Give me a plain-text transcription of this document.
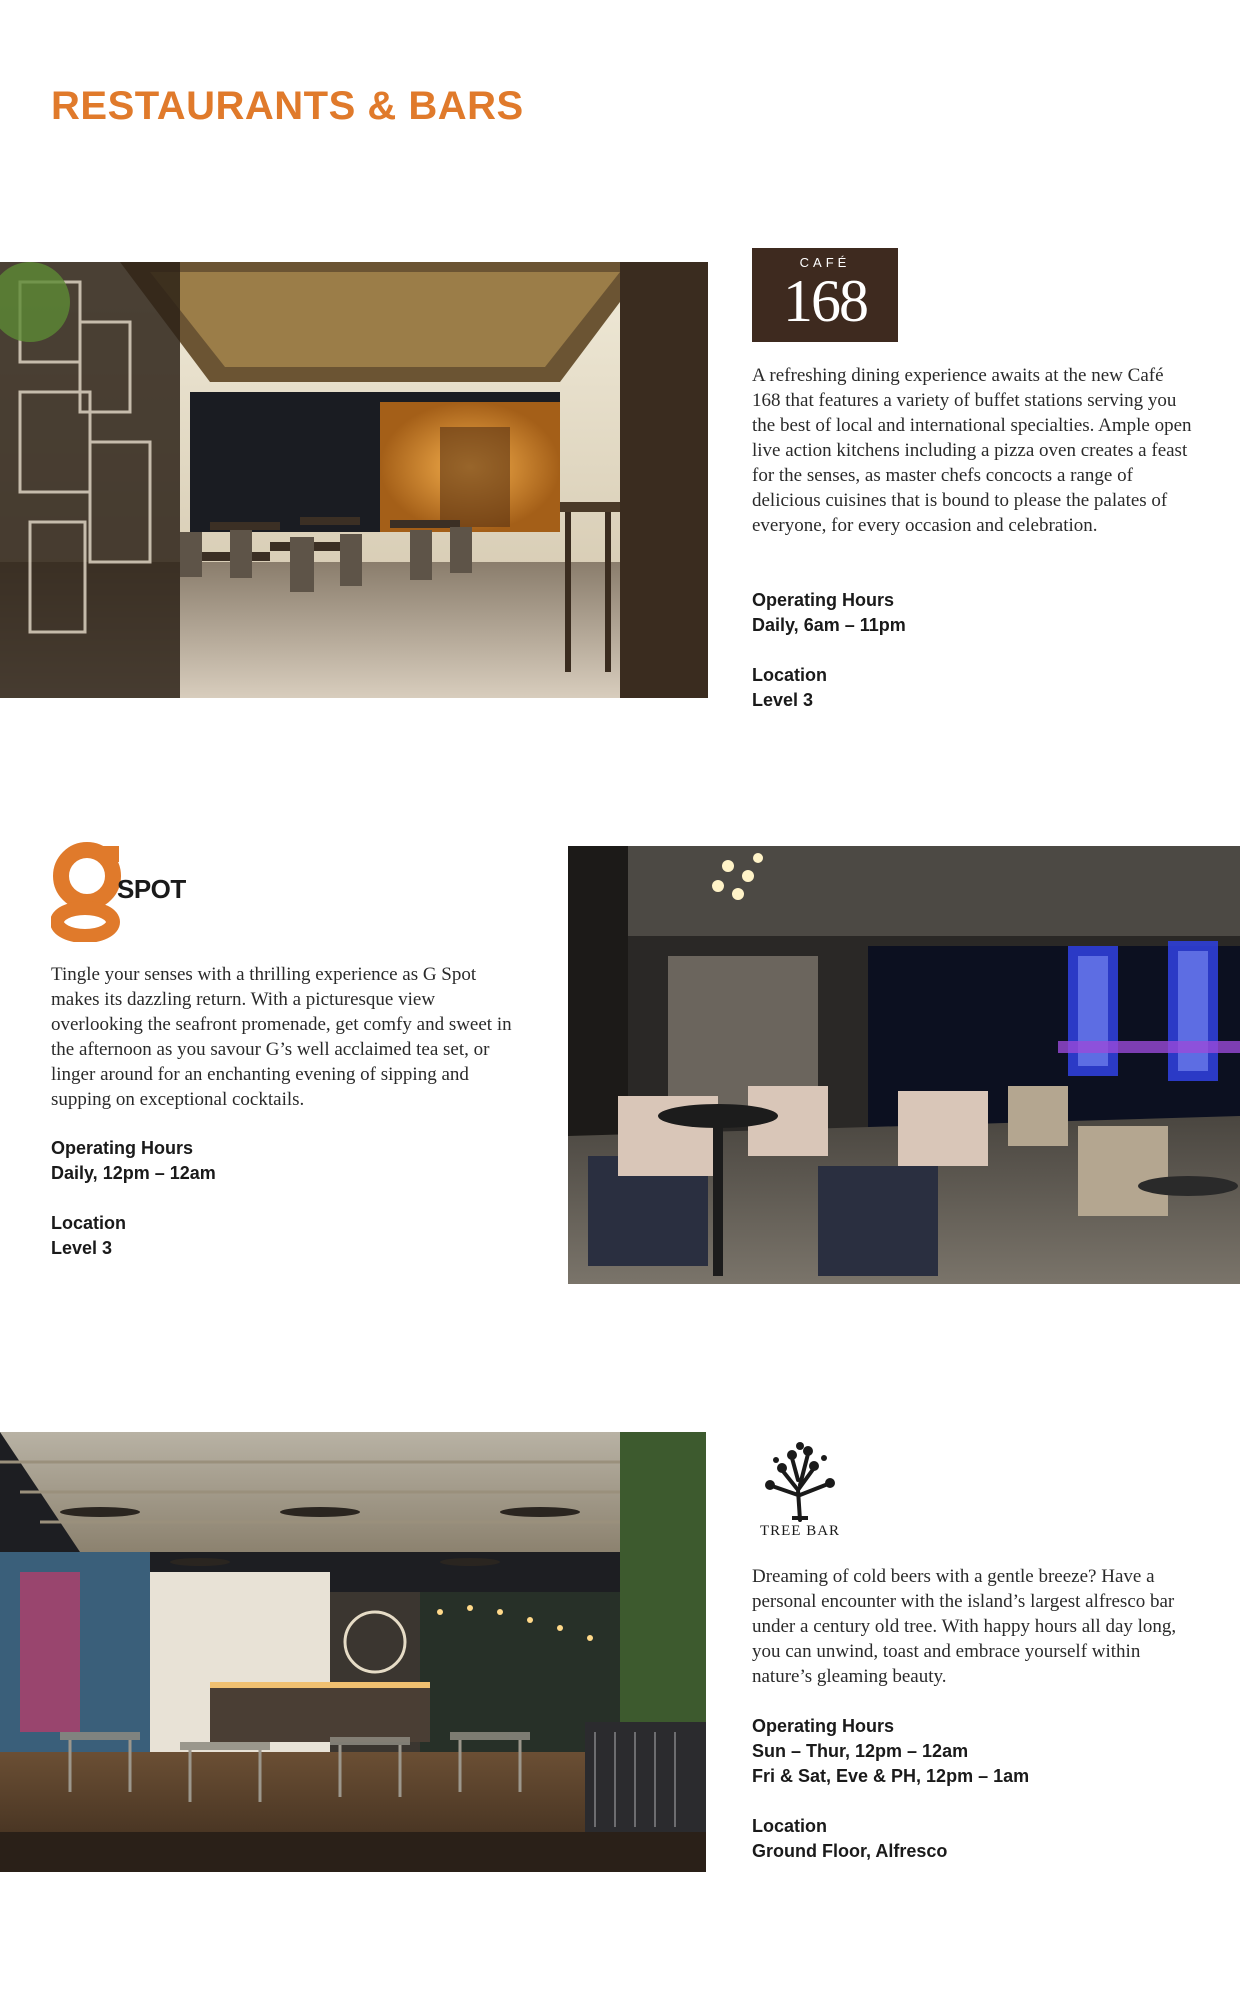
RESTAURANTS & BARS
CAFÉ
168

A refreshing dining experience awaits at the new Café 168 that features a variety of buffet stations serving you the best of local and international specialties. Ample open live action kitchens including a pizza oven creates a feast for the senses, as master chefs concocts a range of delicious cuisines that is bound to please the palates of everyone, for every occasion and celebration.

Operating Hours
Daily, 6am – 11pm
Location
Level 3
SPOT

Tingle your senses with a thrilling experience as G Spot makes its dazzling return. With a picturesque view overlooking the seafront promenade, get comfy and sweet in the afternoon as you savour G’s well acclaimed tea set, or linger around for an enchanting evening of sipping and supping on exceptional cocktails.

Operating Hours
Daily, 12pm – 12am
Location
Level 3
TREE BAR

Dreaming of cold beers with a gentle breeze? Have a personal encounter with the island’s largest alfresco bar under a century old tree. With happy hours all day long, you can unwind, toast and embrace yourself within nature’s gleaming beauty.

Operating Hours
Sun – Thur, 12pm – 12am
Fri & Sat, Eve & PH, 12pm – 1am
Location
Ground Floor, Alfresco
